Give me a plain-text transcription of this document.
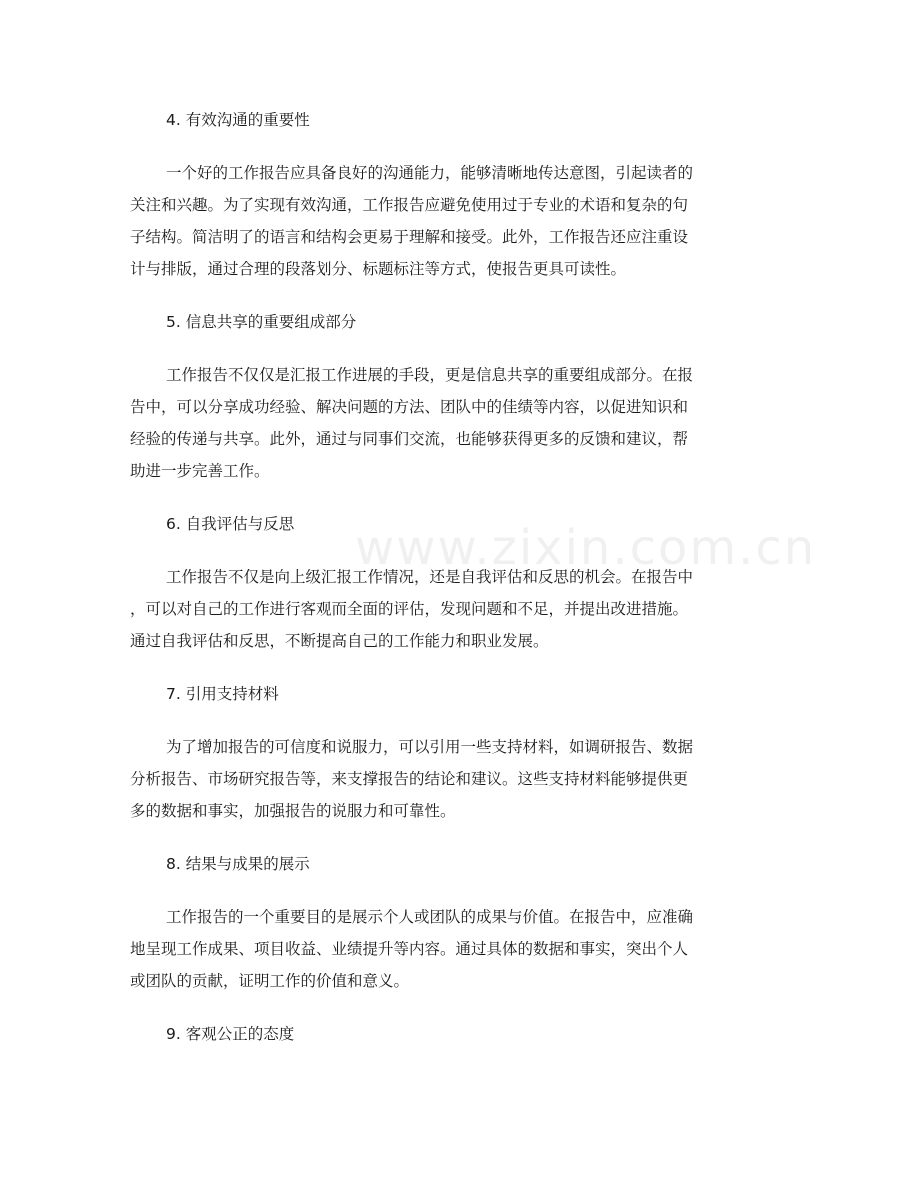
www.zixin.com.cn
4. 有效沟通的重要性
一个好的工作报告应具备良好的沟通能力，能够清晰地传达意图，引起读者的
关注和兴趣。为了实现有效沟通，工作报告应避免使用过于专业的术语和复杂的句
子结构。简洁明了的语言和结构会更易于理解和接受。此外，工作报告还应注重设
计与排版，通过合理的段落划分、标题标注等方式，使报告更具可读性。
5. 信息共享的重要组成部分
工作报告不仅仅是汇报工作进展的手段，更是信息共享的重要组成部分。在报
告中，可以分享成功经验、解决问题的方法、团队中的佳绩等内容，以促进知识和
经验的传递与共享。此外，通过与同事们交流，也能够获得更多的反馈和建议，帮
助进一步完善工作。
6. 自我评估与反思
工作报告不仅是向上级汇报工作情况，还是自我评估和反思的机会。在报告中
，可以对自己的工作进行客观而全面的评估，发现问题和不足，并提出改进措施。
通过自我评估和反思，不断提高自己的工作能力和职业发展。
7. 引用支持材料
为了增加报告的可信度和说服力，可以引用一些支持材料，如调研报告、数据
分析报告、市场研究报告等，来支撑报告的结论和建议。这些支持材料能够提供更
多的数据和事实，加强报告的说服力和可靠性。
8. 结果与成果的展示
工作报告的一个重要目的是展示个人或团队的成果与价值。在报告中，应准确
地呈现工作成果、项目收益、业绩提升等内容。通过具体的数据和事实，突出个人
或团队的贡献，证明工作的价值和意义。
9. 客观公正的态度
